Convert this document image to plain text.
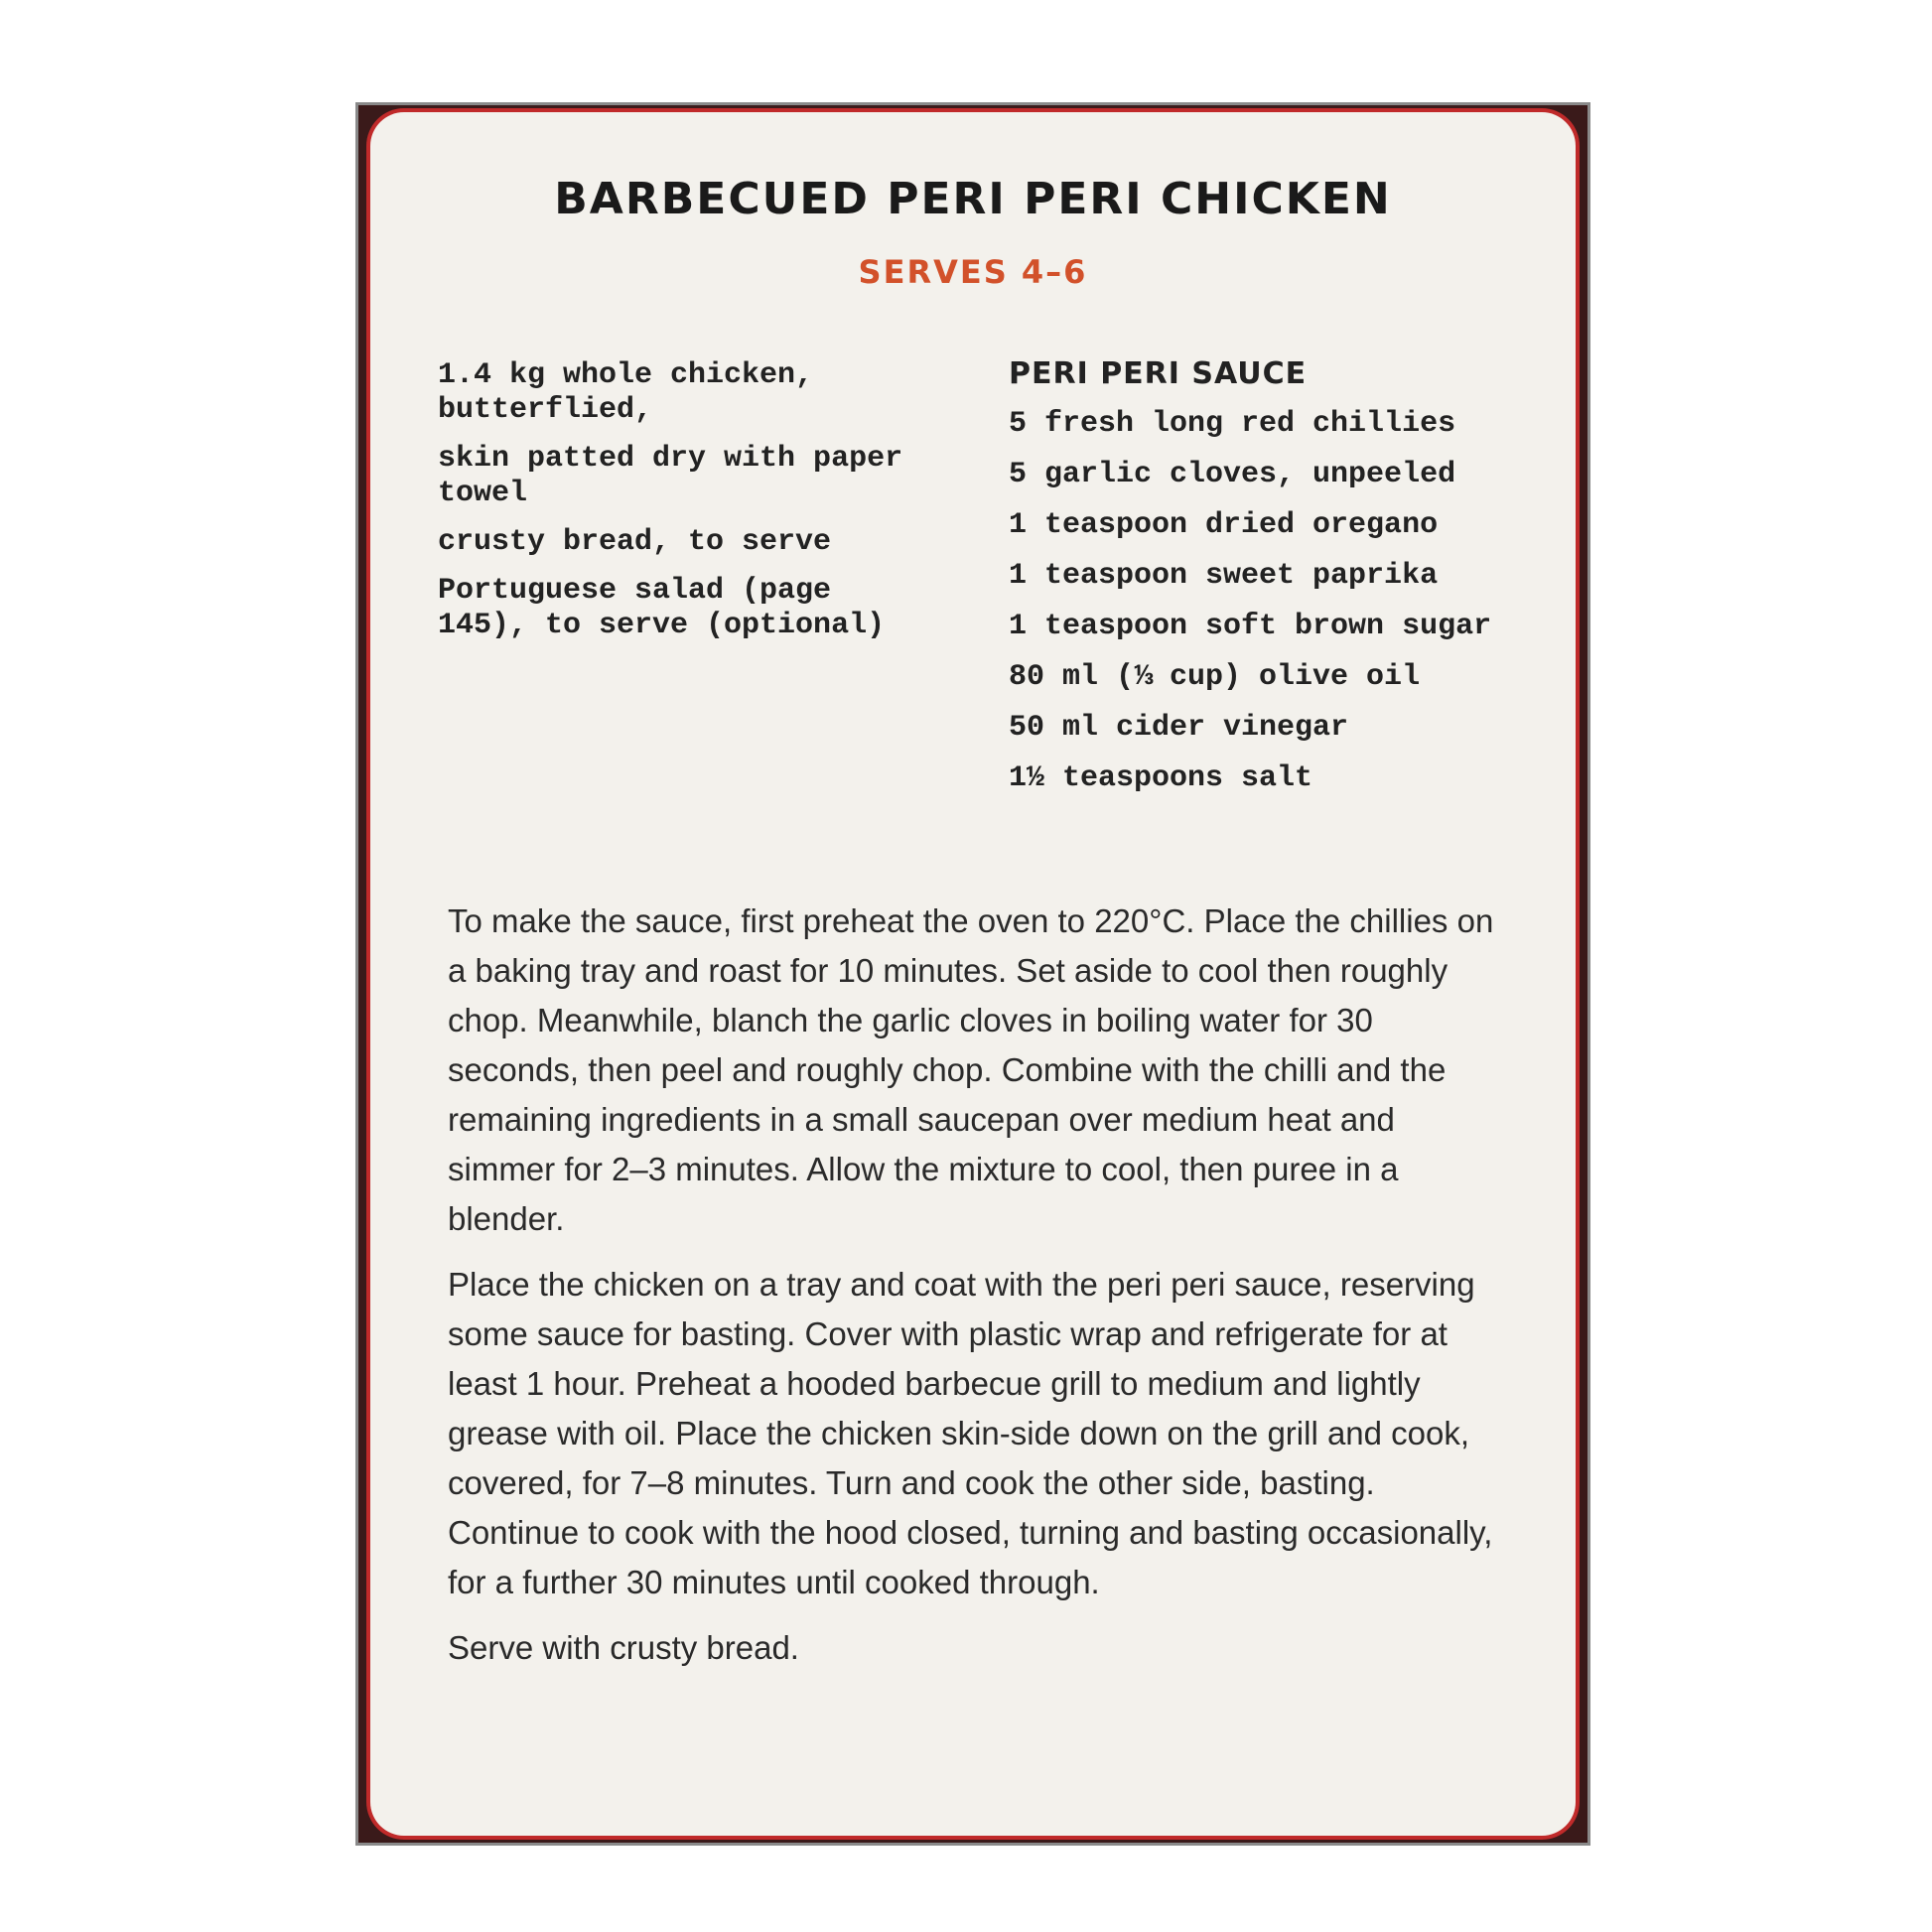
BARBECUED PERI PERI CHICKEN
SERVES 4–6
1.4 kg whole chicken, butterflied,
skin patted dry with paper towel
crusty bread, to serve
Portuguese salad (page 145), to serve (optional)
PERI PERI SAUCE
5 fresh long red chillies
5 garlic cloves, unpeeled
1 teaspoon dried oregano
1 teaspoon sweet paprika
1 teaspoon soft brown sugar
80 ml (⅓ cup) olive oil
50 ml cider vinegar
1½ teaspoons salt

To make the sauce, first preheat the oven to 220°C. Place the chillies on a baking tray and roast for 10 minutes. Set aside to cool then roughly chop. Meanwhile, blanch the garlic cloves in boiling water for 30 seconds, then peel and roughly chop. Combine with the chilli and the remaining ingredients in a small saucepan over medium heat and simmer for 2–3 minutes. Allow the mixture to cool, then puree in a blender.

Place the chicken on a tray and coat with the peri peri sauce, reserving some sauce for basting. Cover with plastic wrap and refrigerate for at least 1 hour. Preheat a hooded barbecue grill to medium and lightly grease with oil. Place the chicken skin-side down on the grill and cook, covered, for 7–8 minutes. Turn and cook the other side, basting. Continue to cook with the hood closed, turning and basting occasionally, for a further 30 minutes until cooked through.

Serve with crusty bread.
